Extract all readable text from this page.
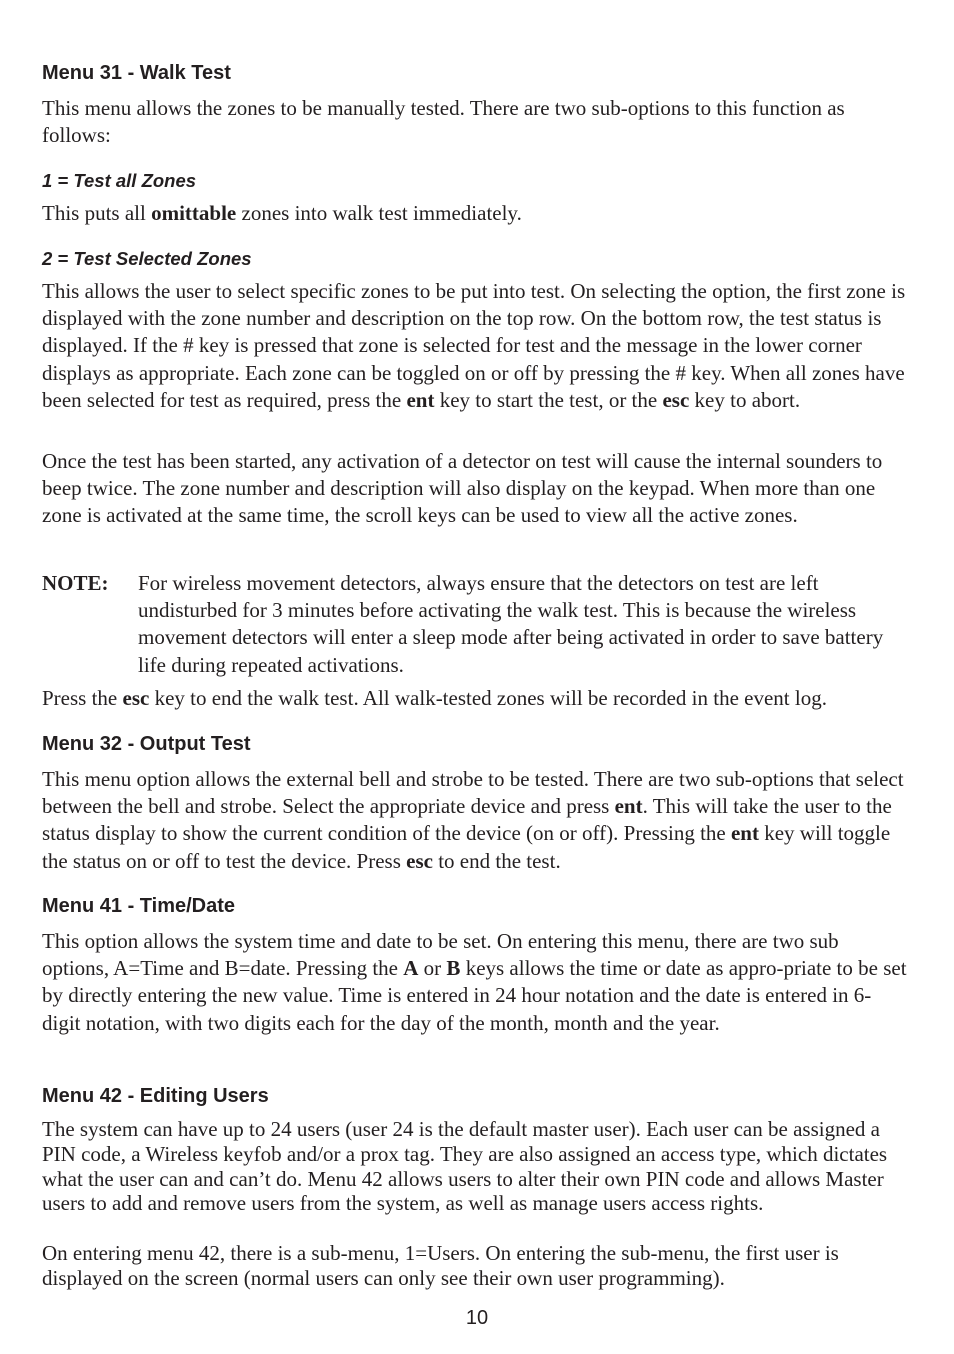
Menu 31 - Walk Test

This menu allows the zones to be manually tested. There are two sub-options to this function as follows:

1 = Test all Zones

This puts all omittable zones into walk test immediately.

2 = Test Selected Zones

This allows the user to select specific zones to be put into test. On selecting the option, the first zone is displayed with the zone number and description on the top row. On the bottom row, the test status is displayed. If the # key is pressed that zone is selected for test and the message in the lower corner displays as appropriate. Each zone can be toggled on or off by pressing the # key. When all zones have been selected for test as required, press the ent key to start the test, or the esc key to abort.

Once the test has been started, any activation of a detector on test will cause the internal sounders to beep twice. The zone number and description will also display on the keypad. When more than one zone is activated at the same time, the scroll keys can be used to view all the active zones.

NOTE: For wireless movement detectors, always ensure that the detectors on test are left undisturbed for 3 minutes before activating the walk test. This is because the wireless movement detectors will enter a sleep mode after being activated in order to save battery life during repeated activations.

Press the esc key to end the walk test. All walk-tested zones will be recorded in the event log.

Menu 32 - Output Test

This menu option allows the external bell and strobe to be tested. There are two sub-options that select between the bell and strobe. Select the appropriate device and press ent. This will take the user to the status display to show the current condition of the device (on or off). Pressing the ent key will toggle the status on or off to test the device. Press esc to end the test.

Menu 41 - Time/Date

This option allows the system time and date to be set. On entering this menu, there are two sub options, A=Time and B=date. Pressing the A or B keys allows the time or date as appro-priate to be set by directly entering the new value. Time is entered in 24 hour notation and the date is entered in 6-digit notation, with two digits each for the day of the month, month and the year.

Menu 42 - Editing Users

The system can have up to 24 users (user 24 is the default master user). Each user can be assigned a PIN code, a Wireless keyfob and/or a prox tag. They are also assigned an access type, which dictates what the user can and can’t do. Menu 42 allows users to alter their own PIN code and allows Master users to add and remove users from the system, as well as manage users access rights.

On entering menu 42, there is a sub-menu, 1=Users. On entering the sub-menu, the first user is displayed on the screen (normal users can only see their own user programming).

10
